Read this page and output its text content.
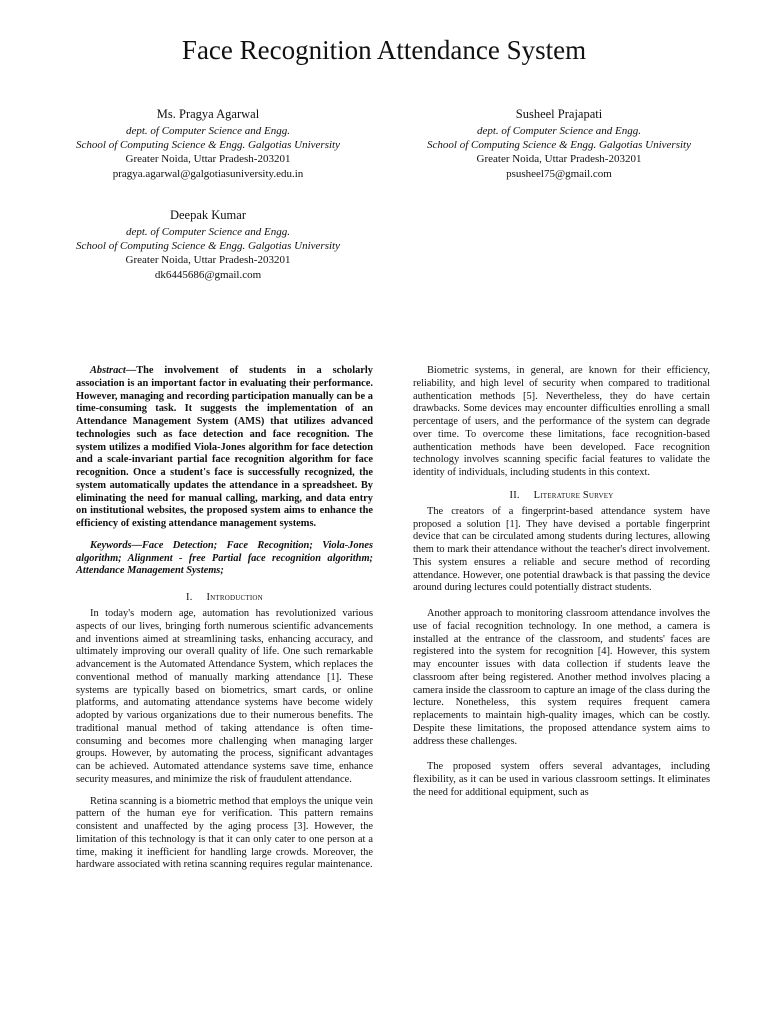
Face Recognition Attendance System
Ms. Pragya Agarwal
dept. of Computer Science and Engg.
School of Computing Science & Engg. Galgotias University
Greater Noida, Uttar Pradesh-203201
pragya.agarwal@galgotiasuniversity.edu.in
Susheel Prajapati
dept. of Computer Science and Engg.
School of Computing Science & Engg. Galgotias University
Greater Noida, Uttar Pradesh-203201
psusheel75@gmail.com
Deepak Kumar
dept. of Computer Science and Engg.
School of Computing Science & Engg. Galgotias University
Greater Noida, Uttar Pradesh-203201
dk6445686@gmail.com

Abstract—The involvement of students in a scholarly association is an important factor in evaluating their performance. However, managing and recording participation manually can be a time-consuming task. It suggests the implementation of an Attendance Management System (AMS) that utilizes advanced technologies such as face detection and face recognition. The system utilizes a modified Viola-Jones algorithm for face detection and a scale-invariant partial face recognition algorithm for face recognition. Once a student's face is successfully recognized, the system automatically updates the attendance in a spreadsheet. By eliminating the need for manual calling, marking, and data entry on institutional websites, the proposed system aims to enhance the efficiency of existing attendance management systems.

Keywords—Face Detection; Face Recognition; Viola-Jones algorithm; Alignment - free Partial face recognition algorithm; Attendance Management Systems;

I. Introduction

In today's modern age, automation has revolutionized various aspects of our lives, bringing forth numerous scientific advancements and inventions aimed at streamlining tasks, enhancing accuracy, and ultimately improving our overall quality of life. One such remarkable advancement is the Automated Attendance System, which replaces the conventional method of manually marking attendance [1]. These systems are typically based on biometrics, smart cards, or online platforms, and automating attendance systems have become widely adopted by various organizations due to their numerous benefits. The traditional manual method of taking attendance is often time-consuming and becomes more challenging when managing larger groups. However, by automating the process, significant advantages can be achieved. Automated attendance systems save time, enhance security measures, and minimize the risk of fraudulent attendance.

Retina scanning is a biometric method that employs the unique vein pattern of the human eye for verification. This pattern remains consistent and unaffected by the aging process [3]. However, the limitation of this technology is that it can only cater to one person at a time, making it inefficient for handling large crowds. Moreover, the hardware associated with retina scanning requires regular maintenance.

Biometric systems, in general, are known for their efficiency, reliability, and high level of security when compared to traditional authentication methods [5]. Nevertheless, they do have certain drawbacks. Some devices may encounter difficulties enrolling a small percentage of users, and the performance of the system can degrade over time. To overcome these limitations, face recognition-based authentication methods have been developed. Face recognition technology involves scanning specific facial features to validate the identity of individuals, including students in this context.

II. Literature Survey

The creators of a fingerprint-based attendance system have proposed a solution [1]. They have devised a portable fingerprint device that can be circulated among students during lectures, allowing them to mark their attendance without the teacher's direct involvement. This system ensures a reliable and secure method of recording attendance. However, one potential drawback is that passing the device around during lectures could potentially distract students.

Another approach to monitoring classroom attendance involves the use of facial recognition technology. In one method, a camera is installed at the entrance of the classroom, and students' faces are registered into the system for recognition [4]. However, this system may encounter issues with data collection if students leave the classroom after being registered. Another method involves placing a camera inside the classroom to capture an image of the class during the lecture. Nonetheless, this system requires frequent camera replacements to maintain high-quality images, which can be costly. Despite these limitations, the proposed attendance system aims to address these challenges.

The proposed system offers several advantages, including flexibility, as it can be used in various classroom settings. It eliminates the need for additional equipment, such as
